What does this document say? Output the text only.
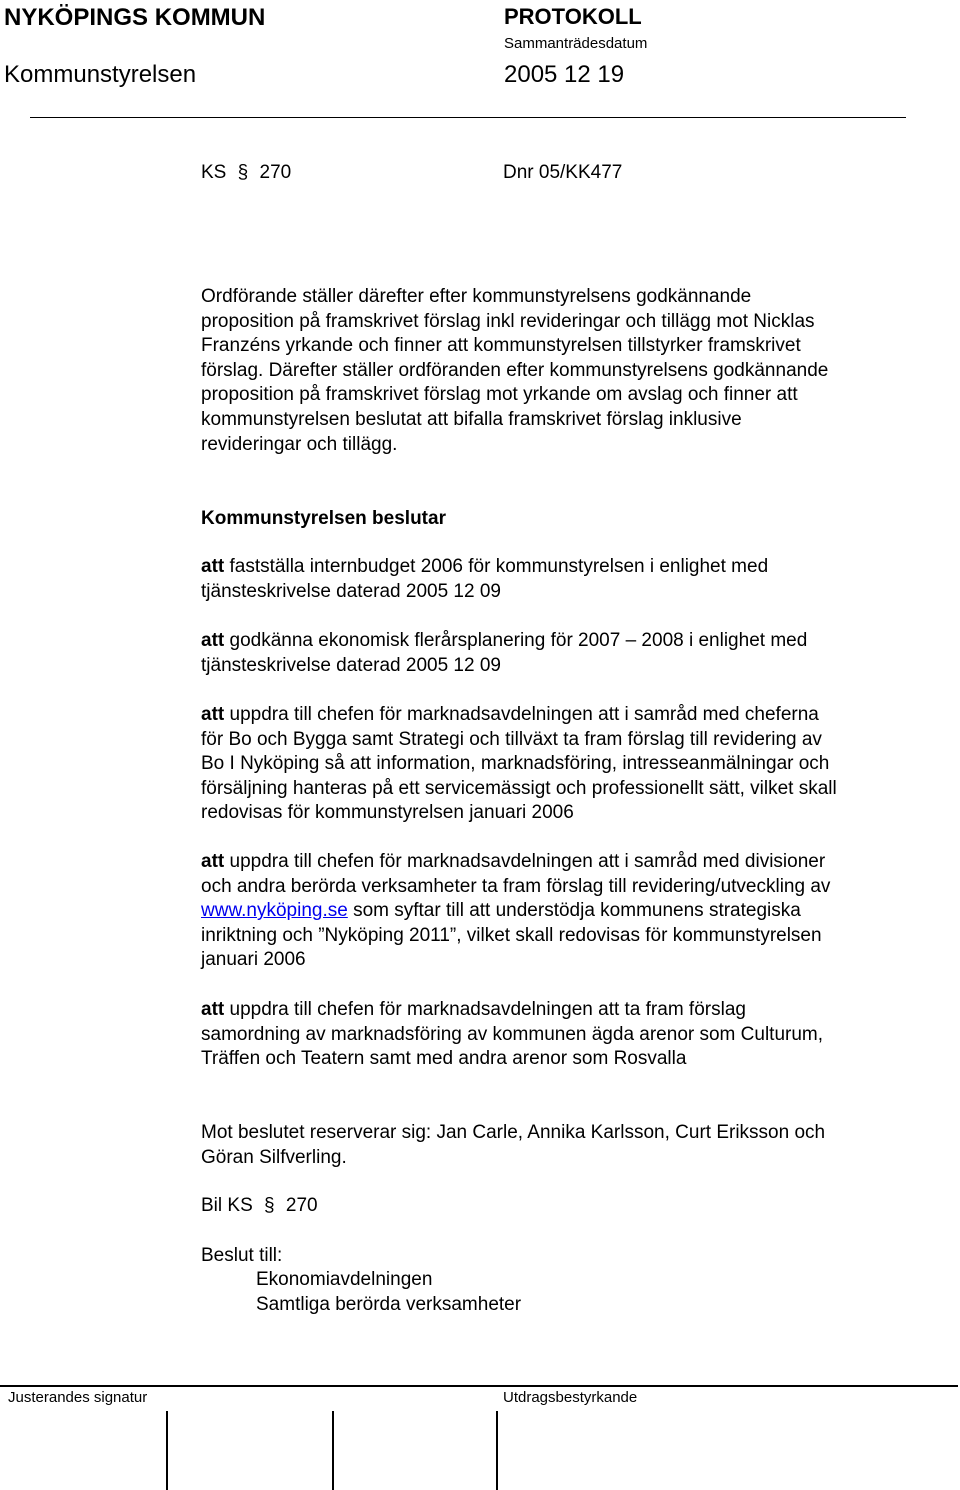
NYKÖPINGS KOMMUN	PROTOKOLL
Sammanträdesdatum
Kommunstyrelsen	2005 12 19
KS § 270	Dnr 05/KK477
Ordförande ställer därefter efter kommunstyrelsens godkännande
proposition på framskrivet förslag inkl revideringar och tillägg mot Nicklas
Franzéns yrkande och finner att kommunstyrelsen tillstyrker framskrivet
förslag. Därefter ställer ordföranden efter kommunstyrelsens godkännande
proposition på framskrivet förslag mot yrkande om avslag och finner att
kommunstyrelsen beslutat att bifalla framskrivet förslag inklusive
revideringar och tillägg.
Kommunstyrelsen beslutar
att fastställa internbudget 2006 för kommunstyrelsen i enlighet med
tjänsteskrivelse daterad 2005 12 09
att godkänna ekonomisk flerårsplanering för 2007 – 2008 i enlighet med
tjänsteskrivelse daterad 2005 12 09
att uppdra till chefen för marknadsavdelningen att i samråd med cheferna
för Bo och Bygga samt Strategi och tillväxt ta fram förslag till revidering av
Bo I Nyköping så att information, marknadsföring, intresseanmälningar och
försäljning hanteras på ett servicemässigt och professionellt sätt, vilket skall
redovisas för kommunstyrelsen januari 2006
att uppdra till chefen för marknadsavdelningen att i samråd med divisioner
och andra berörda verksamheter ta fram förslag till revidering/utveckling av
www.nyköping.se som syftar till att understödja kommunens strategiska
inriktning och ”Nyköping 2011”, vilket skall redovisas för kommunstyrelsen
januari 2006
att uppdra till chefen för marknadsavdelningen att ta fram förslag
samordning av marknadsföring av kommunen ägda arenor som Culturum,
Träffen och Teatern samt med andra arenor som Rosvalla
Mot beslutet reserverar sig: Jan Carle, Annika Karlsson, Curt Eriksson och
Göran Silfverling.
Bil KS § 270
Beslut till:
Ekonomiavdelningen
Samtliga berörda verksamheter
Justerandes signatur	Utdragsbestyrkande
